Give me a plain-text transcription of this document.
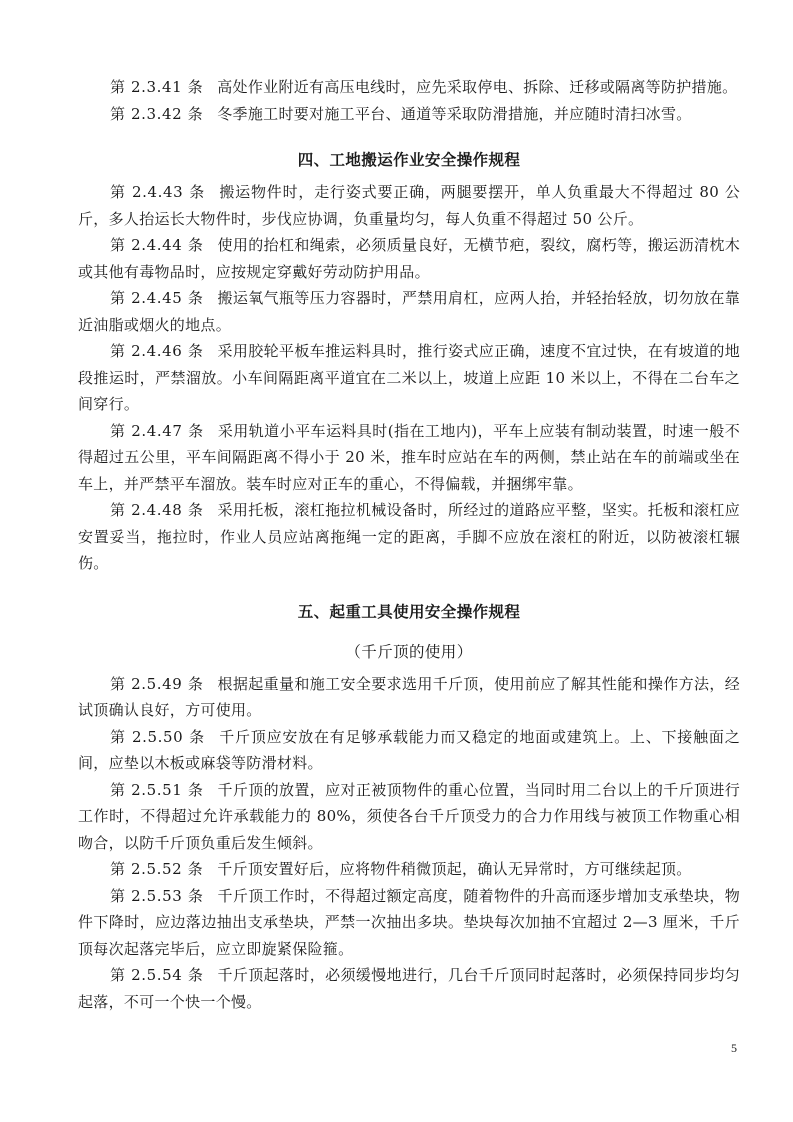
第 2.3.41 条 高处作业附近有高压电线时，应先采取停电、拆除、迁移或隔离等防护措施。

第 2.3.42 条 冬季施工时要对施工平台、通道等采取防滑措施，并应随时清扫冰雪。

四、工地搬运作业安全操作规程

第 2.4.43 条 搬运物件时，走行姿式要正确，两腿要摆开，单人负重最大不得超过 80 公斤，多人抬运长大物件时，步伐应协调，负重量均匀，每人负重不得超过 50 公斤。

第 2.4.44 条 使用的抬杠和绳索，必须质量良好，无横节疤，裂纹，腐朽等，搬运沥清枕木或其他有毒物品时，应按规定穿戴好劳动防护用品。

第 2.4.45 条 搬运氧气瓶等压力容器时，严禁用肩杠，应两人抬，并轻抬轻放，切勿放在靠近油脂或烟火的地点。

第 2.4.46 条 采用胶轮平板车推运料具时，推行姿式应正确，速度不宜过快，在有坡道的地段推运时，严禁溜放。小车间隔距离平道宜在二米以上，坡道上应距 10 米以上，不得在二台车之间穿行。

第 2.4.47 条 采用轨道小平车运料具时(指在工地内)，平车上应装有制动装置，时速一般不得超过五公里，平车间隔距离不得小于 20 米，推车时应站在车的两侧，禁止站在车的前端或坐在车上，并严禁平车溜放。装车时应对正车的重心，不得偏载，并捆绑牢靠。

第 2.4.48 条 采用托板，滚杠拖拉机械设备时，所经过的道路应平整，坚实。托板和滚杠应安置妥当，拖拉时，作业人员应站离拖绳一定的距离，手脚不应放在滚杠的附近，以防被滚杠辗伤。

五、起重工具使用安全操作规程
（千斤顶的使用）

第 2.5.49 条 根据起重量和施工安全要求选用千斤顶，使用前应了解其性能和操作方法，经试顶确认良好，方可使用。

第 2.5.50 条 千斤顶应安放在有足够承载能力而又稳定的地面或建筑上。上、下接触面之间，应垫以木板或麻袋等防滑材料。

第 2.5.51 条 千斤顶的放置，应对正被顶物件的重心位置，当同时用二台以上的千斤顶进行工作时，不得超过允许承载能力的 80%，须使各台千斤顶受力的合力作用线与被顶工作物重心相吻合，以防千斤顶负重后发生倾斜。

第 2.5.52 条 千斤顶安置好后，应将物件稍微顶起，确认无异常时，方可继续起顶。

第 2.5.53 条 千斤顶工作时，不得超过额定高度，随着物件的升高而逐步增加支承垫块，物件下降时，应边落边抽出支承垫块，严禁一次抽出多块。垫块每次加抽不宜超过 2—3 厘米，千斤顶每次起落完毕后，应立即旋紧保险箍。

第 2.5.54 条 千斤顶起落时，必须缓慢地进行，几台千斤顶同时起落时，必须保持同步均匀起落，不可一个快一个慢。

5
